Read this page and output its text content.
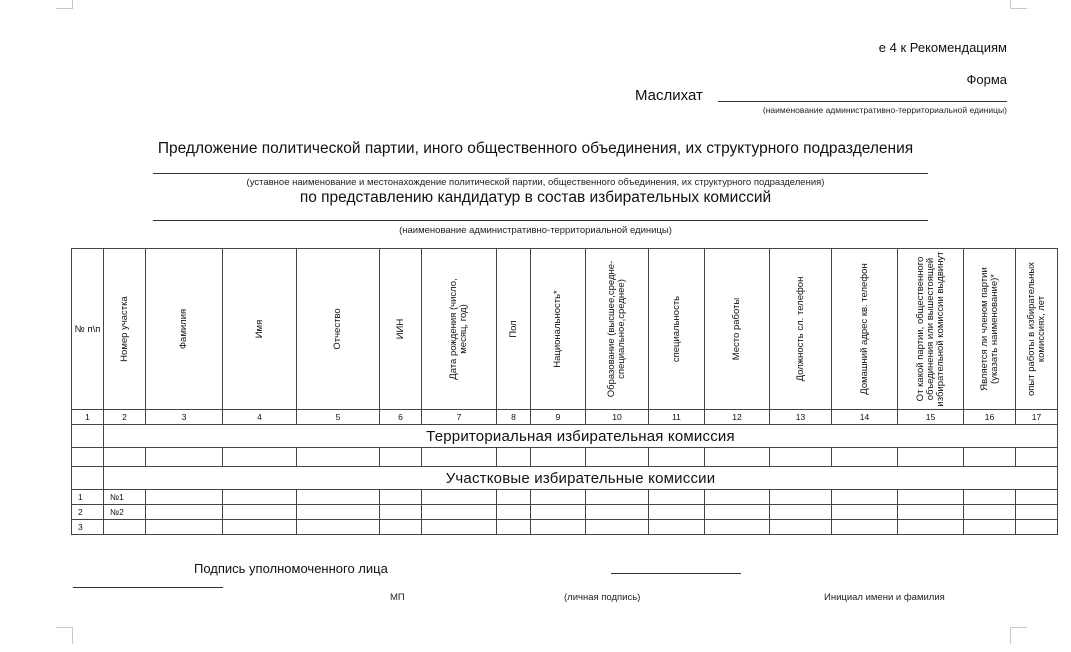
е 4 к Рекомендациям
Форма
Маслихат
(наименование административно-территориальной единицы)
Предложение политической партии, иного общественного объединения, их структурного подразделения
(уставное наименование и местонахождение политической партии, общественного объединения, их структурного подразделения)
по представлению кандидатур в состав избирательных комиссий
(наименование административно-территориальной единицы)
№ п\п	Номер участка	Фамилия	Имя	Отчество	ИИН	Дата рождения (число, месяц, год)	Пол	Национальность*	Образование (высшее,средне-специальное,среднее)	специальность	Место работы	Должность сл. телефон	Домашний адрес кв. телефон	От какой партии, общественного объединения или вышестоящей избирательной комиссии выдвинут	Является ли членом партии (указать наименование)*	опыт работы в избирательных комиссиях, лет

1	2	3	4	5	6	7	8	9	10	11	12	13	14	15	16	17
	Территориальная избирательная комиссия															

	Участковые избирательные комиссии															
1	№1															
2	№2															
3																
Подпись уполномоченного лица
МП	(личная подпись)	Инициал имени и фамилия
